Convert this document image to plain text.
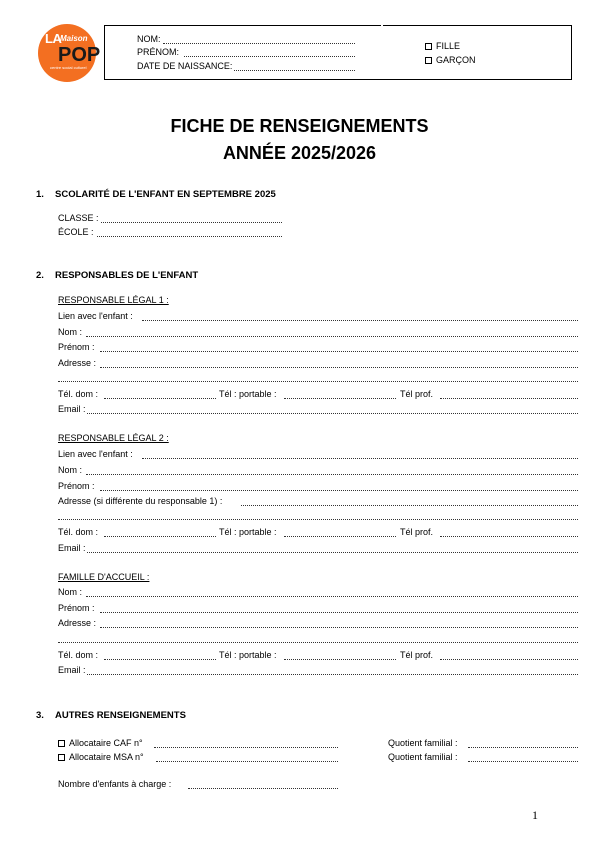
LA
Maison
POP
centre social culturel
NOM:
PRÉNOM:
DATE DE NAISSANCE:
FILLE
GARÇON
FICHE DE RENSEIGNEMENTS
ANNÉE 2025/2026
1. SCOLARITÉ DE L'ENFANT EN SEPTEMBRE 2025
CLASSE :
ÉCOLE :
2. RESPONSABLES DE L'ENFANT
RESPONSABLE LÉGAL 1 :
Lien avec l'enfant :
Nom :
Prénom :
Adresse :
Tél. dom :	Tél : portable :	Tél prof.
Email :
RESPONSABLE LÉGAL 2 :
Lien avec l'enfant :
Nom :
Prénom :
Adresse (si différente du responsable 1) :
Tél. dom :	Tél : portable :	Tél prof.
Email :
FAMILLE D'ACCUEIL :
Nom :
Prénom :
Adresse :
Tél. dom :	Tél : portable :	Tél prof.
Email :
3. AUTRES RENSEIGNEMENTS
Allocataire CAF n°	Quotient familial :
Allocataire MSA n°	Quotient familial :
Nombre d'enfants à charge :
1
